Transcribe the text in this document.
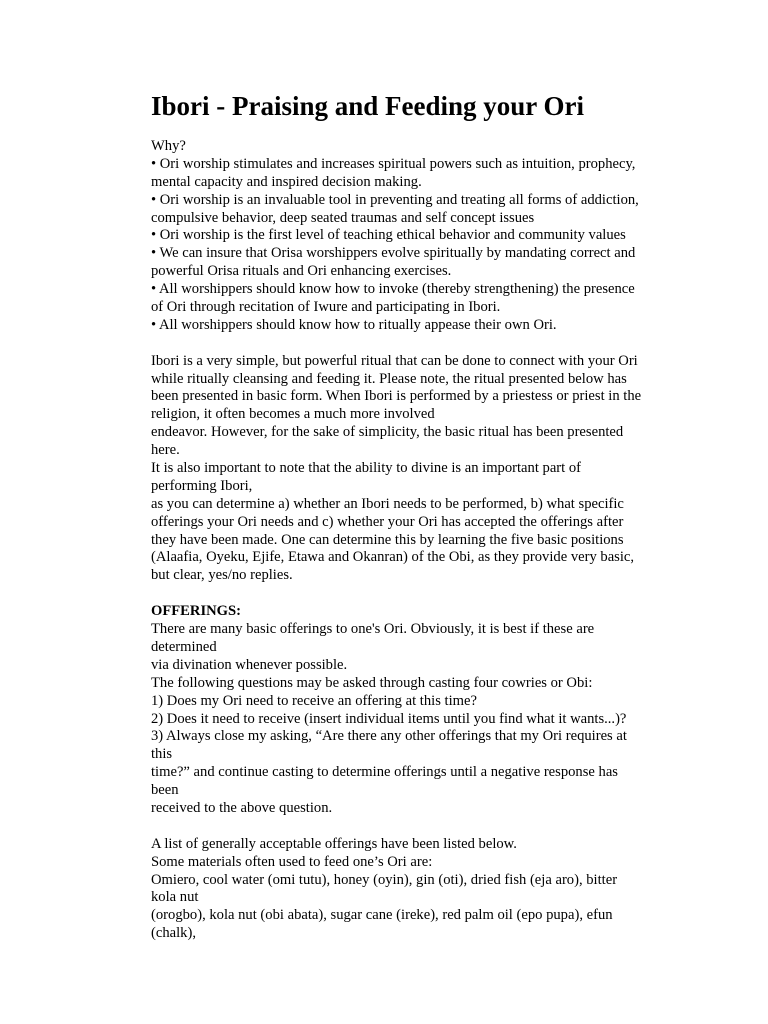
Ibori - Praising and Feeding your Ori
Why?
• Ori worship stimulates and increases spiritual powers such as intuition, prophecy,
mental capacity and inspired decision making.
• Ori worship is an invaluable tool in preventing and treating all forms of addiction,
compulsive behavior, deep seated traumas and self concept issues
• Ori worship is the first level of teaching ethical behavior and community values
• We can insure that Orisa worshippers evolve spiritually by mandating correct and
powerful Orisa rituals and Ori enhancing exercises.
• All worshippers should know how to invoke (thereby strengthening) the presence
of Ori through recitation of Iwure and participating in Ibori.
• All worshippers should know how to ritually appease their own Ori.
Ibori is a very simple, but powerful ritual that can be done to connect with your Ori
while ritually cleansing and feeding it. Please note, the ritual presented below has
been presented in basic form. When Ibori is performed by a priestess or priest in the
religion, it often becomes a much more involved
endeavor. However, for the sake of simplicity, the basic ritual has been presented
here.
It is also important to note that the ability to divine is an important part of
performing Ibori,
as you can determine a) whether an Ibori needs to be performed, b) what specific
offerings your Ori needs and c) whether your Ori has accepted the offerings after
they have been made. One can determine this by learning the five basic positions
(Alaafia, Oyeku, Ejife, Etawa and Okanran) of the Obi, as they provide very basic,
but clear, yes/no replies.
OFFERINGS:
There are many basic offerings to one's Ori. Obviously, it is best if these are
determined
via divination whenever possible.
The following questions may be asked through casting four cowries or Obi:
1) Does my Ori need to receive an offering at this time?
2) Does it need to receive (insert individual items until you find what it wants...)?
3) Always close my asking, “Are there any other offerings that my Ori requires at
this
time?” and continue casting to determine offerings until a negative response has
been
received to the above question.
A list of generally acceptable offerings have been listed below.
Some materials often used to feed one’s Ori are:
Omiero, cool water (omi tutu), honey (oyin), gin (oti), dried fish (eja aro), bitter
kola nut
(orogbo), kola nut (obi abata), sugar cane (ireke), red palm oil (epo pupa), efun
(chalk),
